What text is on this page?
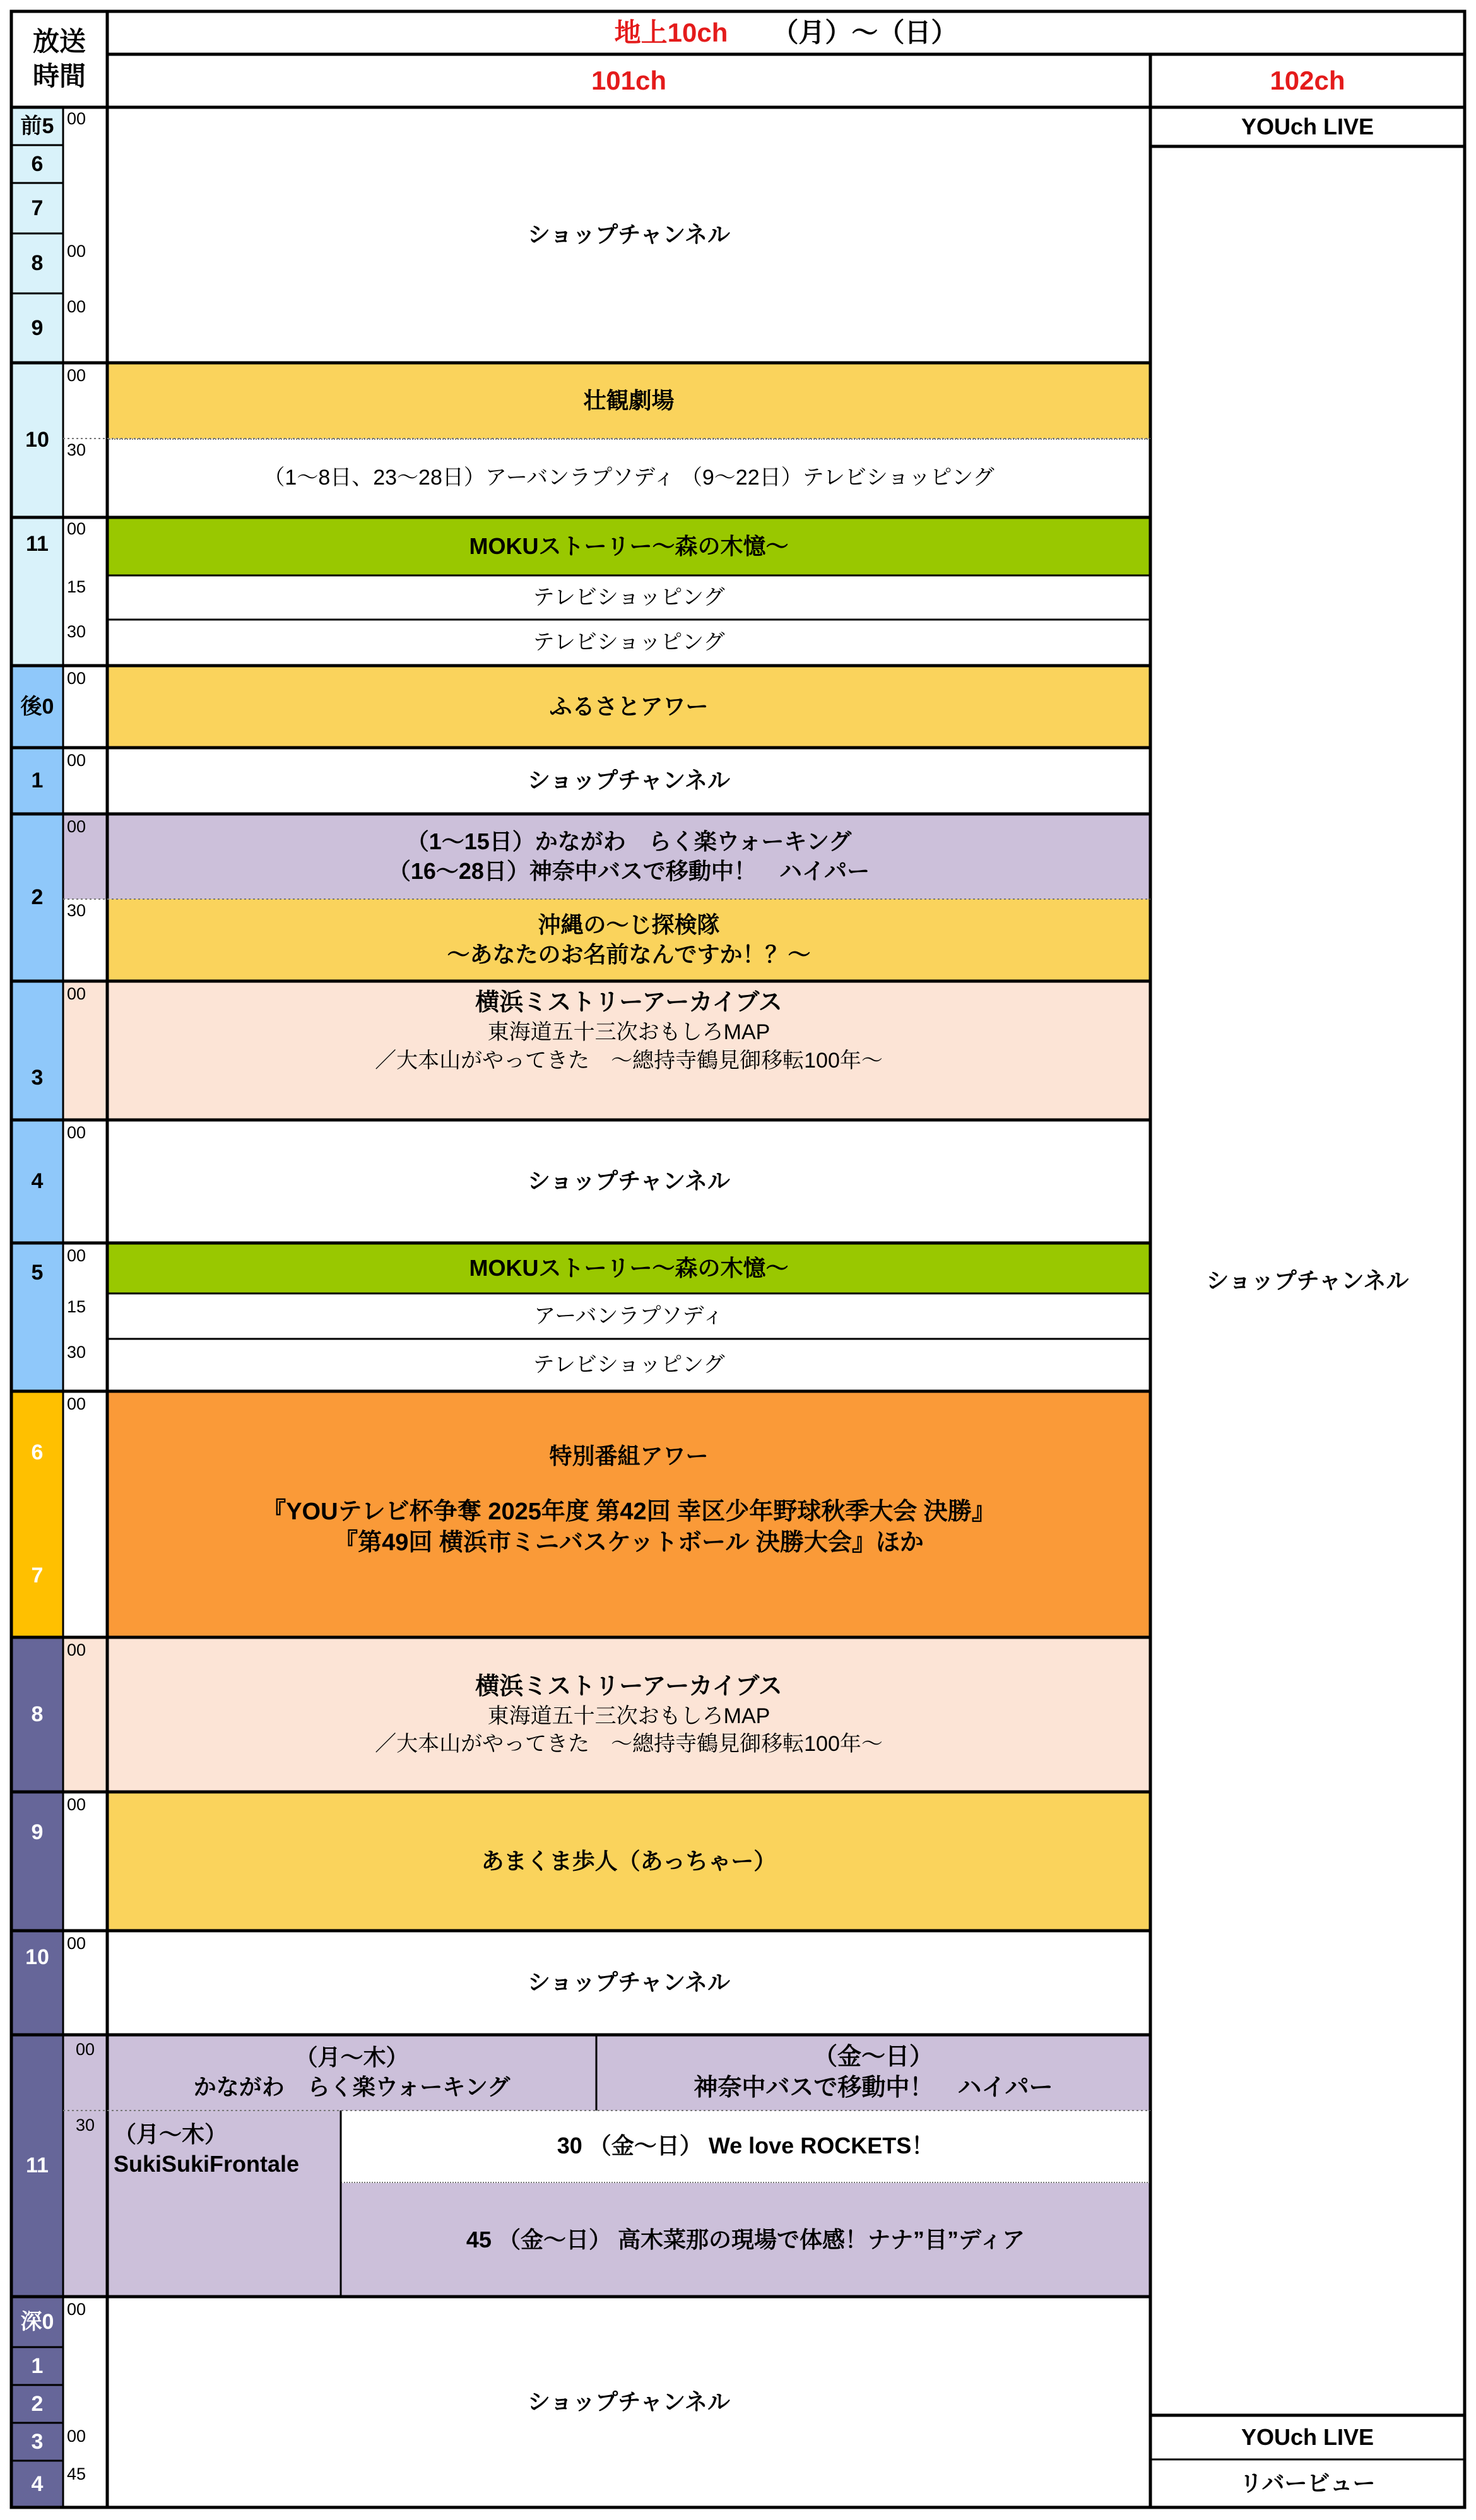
放送
時間
地上10ch （月）～（日）
101ch	102ch
前5
6
7
8
9
10
11
後0
1
2
3
4
5
6
7
8
9
10
11
深0
1
2
3
4
00
00
00
00
30
00
15
30
00
00
00
30
00
00
00
15
30
00
00
00
00
00
30
00
00
45
ショップチャンネル
壮観劇場
（1～8日、23～28日）アーバンラプソディ （9～22日）テレビショッピング
MOKUストーリー～森の木憶～
テレビショッピング
テレビショッピング
ふるさとアワー
ショップチャンネル
（1～15日）かながわ　らく楽ウォーキング
（16～28日）神奈中バスで移動中！　ハイパー
沖縄の～じ探検隊
～あなたのお名前なんですか！？～
横浜ミストリーアーカイブス
東海道五十三次おもしろMAP
／大本山がやってきた　～總持寺鶴見御移転100年～
ショップチャンネル
MOKUストーリー～森の木憶～
アーバンラプソディ
テレビショッピング
特別番組アワー
『YOUテレビ杯争奪 2025年度 第42回 幸区少年野球秋季大会 決勝』
『第49回 横浜市ミニバスケットボール 決勝大会』ほか
横浜ミストリーアーカイブス
東海道五十三次おもしろMAP
／大本山がやってきた　～總持寺鶴見御移転100年～
あまくま歩人（あっちゃー）
ショップチャンネル
（月～木）
かながわ　らく楽ウォーキング
（金～日）
神奈中バスで移動中！　ハイパー
（月～木）
SukiSukiFrontale
30 （金～日） We love ROCKETS！
45 （金～日） 高木菜那の現場で体感！ナナ”目”ディア
ショップチャンネル
YOUch LIVE
ショップチャンネル
YOUch LIVE
リバービュー
